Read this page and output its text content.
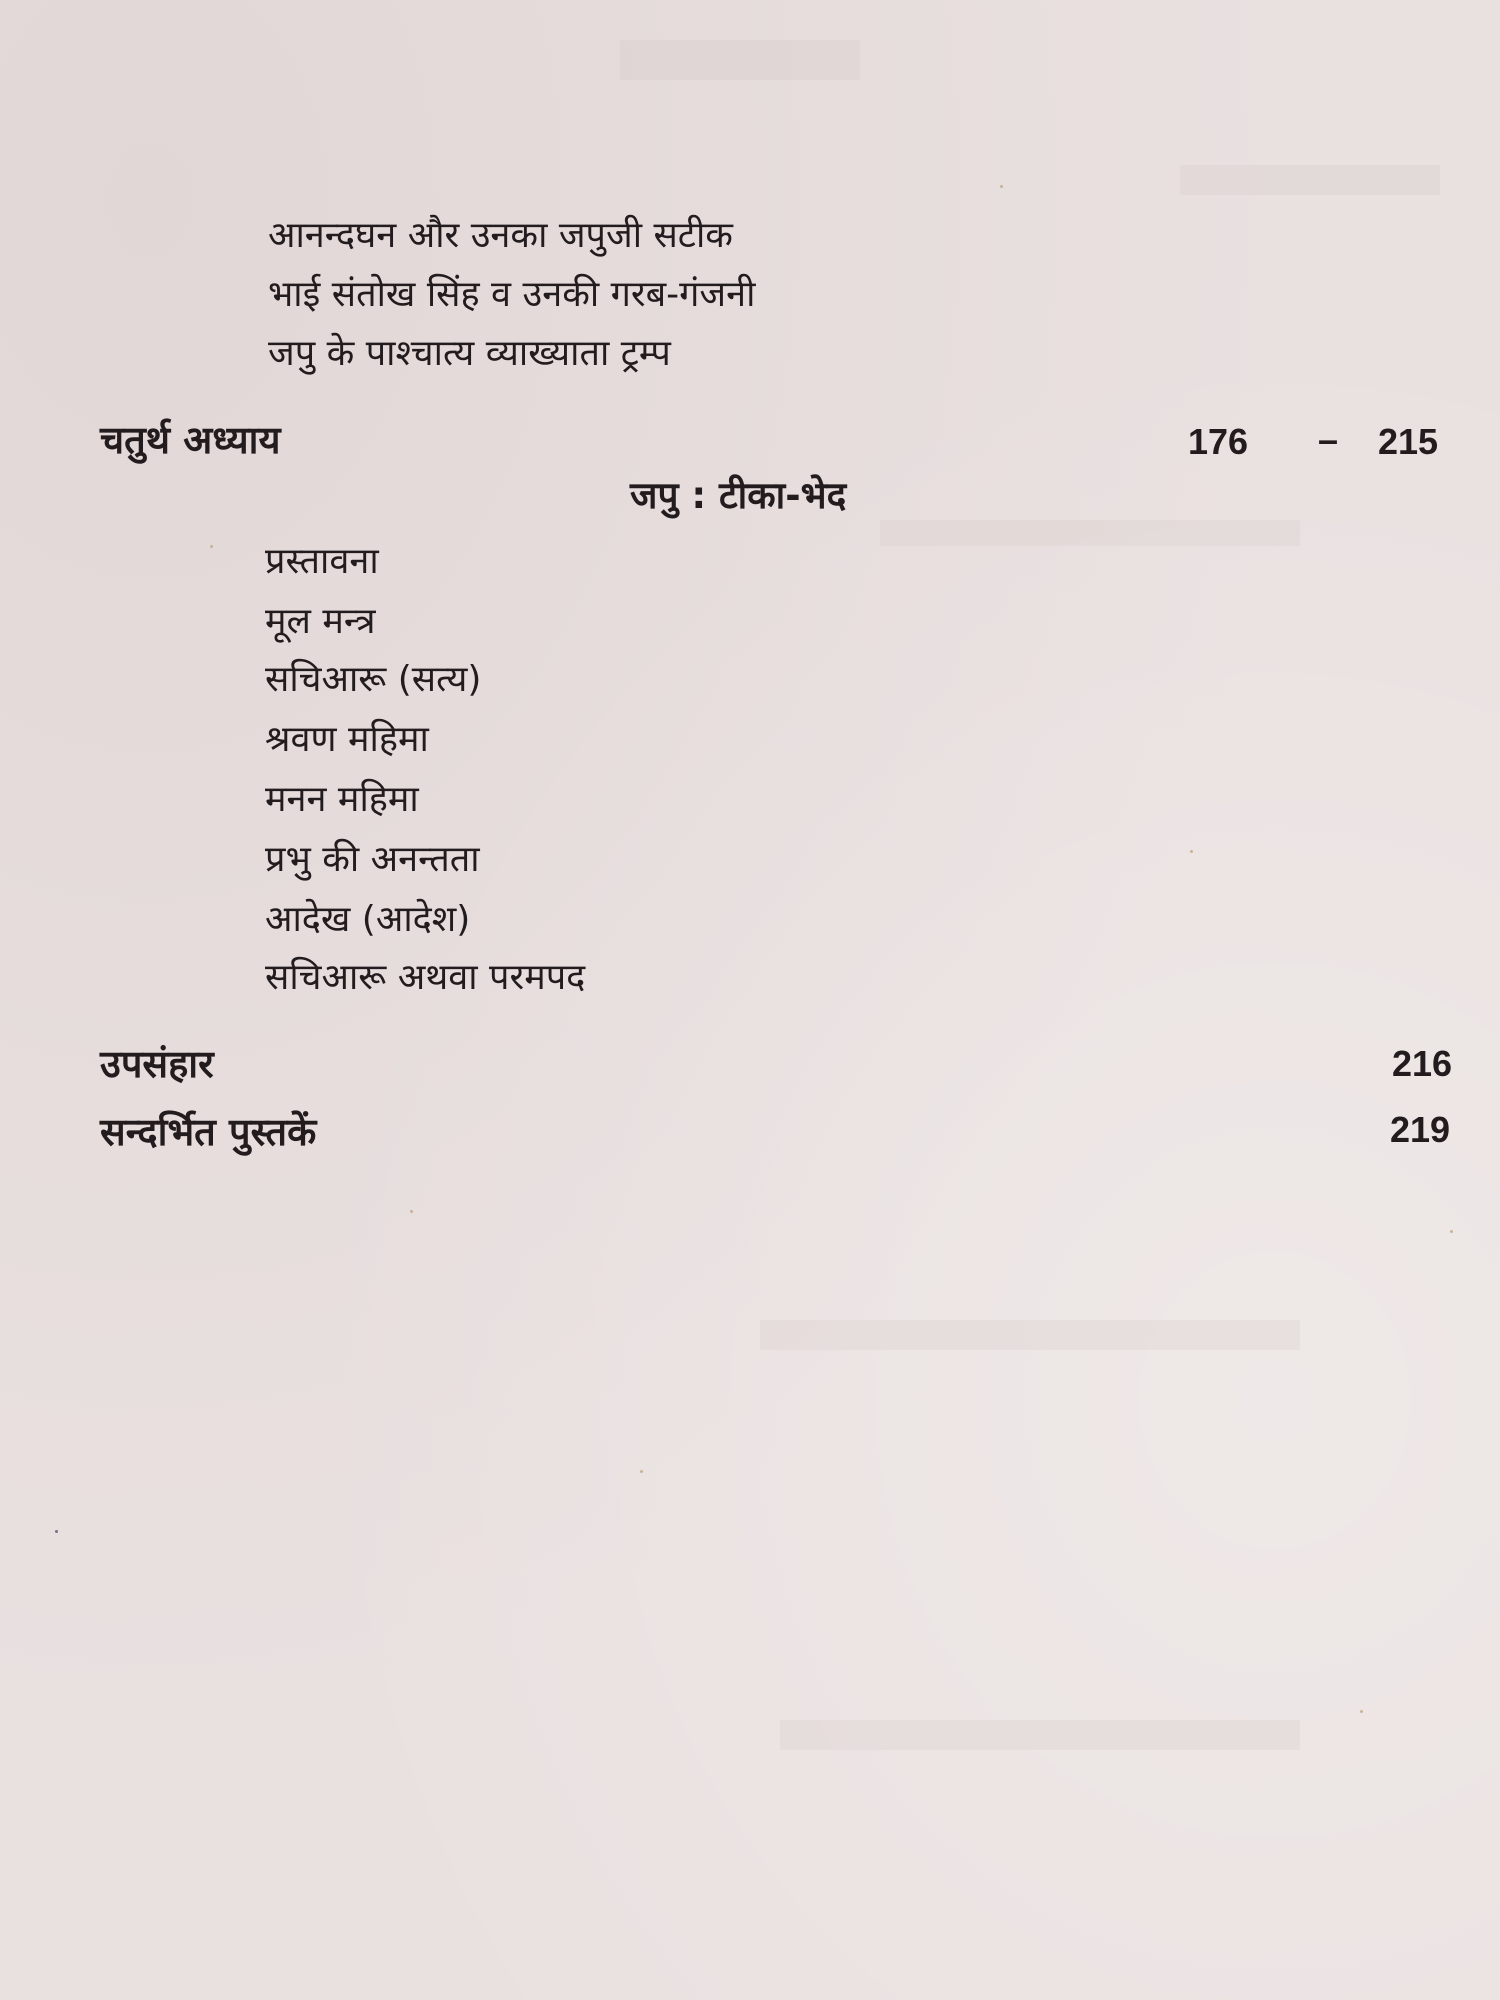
आनन्दघन और उनका जपुजी सटीक
भाई संतोख सिंह व उनकी गरब-गंजनी
जपु के पाश्चात्य व्याख्याता ट्रम्प
चतुर्थ अध्याय	176 – 215
जपु : टीका-भेद
प्रस्तावना
मूल मन्त्र
सचिआरू (सत्य)
श्रवण महिमा
मनन महिमा
प्रभु की अनन्तता
आदेख (आदेश)
सचिआरू अथवा परमपद
उपसंहार	216
सन्दर्भित पुस्तकें	219
